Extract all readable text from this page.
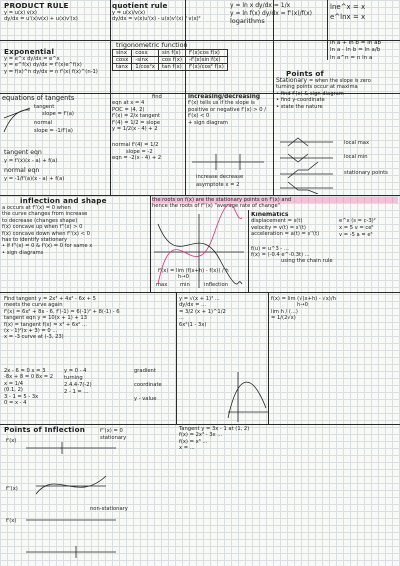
PRODUCT RULE
y = u(x) v(x)
dy/dx = u'(x)v(x) + u(x)v'(x)
quotient rule
y = u(x)/v(x)
dy/dx = v(x)u'(x) - u(x)v'(x) / v(x)²
y = ln x dy/dx = 1/x
y = ln f(x) dy/dx = f'(x)/f(x)
logarithms
lne^x = x
e^lnx = x
Exponential
y = e^x dy/dx = e^x
y = e^f(x) dy/dx = f'(x)e^f(x)
y = f(x)^n dy/dx = n f'(x) f(x)^(n-1)
trigonometric function
sinx	cosx	sin f(x)	f'(x)cos f(x)
cosx	-sinx	cos f(x)	-f'(x)sin f(x)
tanx	1/cos²x	tan f(x)	f'(x)/cos² f(x)
ln a + ln b = ln ab
ln a - ln b = ln a/b
ln a^n = n ln a
Points of
Stationary = when the slope is zero
turning points occur at maxima
• find f'(x) & sign diagram
• find y-coordinate
• state the nature
local max
local min
stationary points
equations of tangents
tangent
slope = f'(a)
normal
slope = -1/f'(a)
tangent eqn
y = f'(x)(x - a) + f(a)
normal eqn
y = -1/f'(a)(x - a) + f(a)
find
eqn at x = 4
POC = (4, 2)
f'(x) = 2/x tangent
f'(4) = 1/2 = slope
y = 1/2(x - 4) + 2
normal f'(4) = 1/2
slope = -2
eqn = -2(x - 4) + 2
increasing/decreasing
f'(x) tells us if the slope is positive or negative f'(x) > 0 / f'(x) < 0
+ sign diagram
increase decrease
asymptote x = 2
inflection and shape
a occurs at f''(x) = 0 when
the curve changes from increase
to decrease (changes shape)
f(x) concave up when f''(x) > 0
f(x) concave down when f''(x) < 0
has to identify stationary
• if f''(x) = 0 & f'(x) = 0 for same x
• sign diagrams
the roots on f(x) are the stationary points on f'(x) and
hence the roots of f''(x) "average rate of change"
max min	inflection
Kinematics
displacement = s(t)
velocity = v(t) = s'(t)
acceleration = a(t) = s''(t)
e^x (s = c-3)²
x = 5 v = ce⁵
v = -5 a = e⁵
f(u) = u^3 - ...
f(x) = (-0.4 e^-0.3t) ...
using the chain rule
f'(x) = lim (f(x+h) - f(x)) / h
h→0
Find tangent y = 2x³ + 4x² - 6x + 5
meets the curve again
f'(x) = 6x² + 8x - 6, f'(-1) = 6(-1)² + 8(-1) - 6
tangent eqn y = 10(x + 1) + 13
f(x) = tangent f(x) = x³ + 6x² ...
(x - 1)²(x + 3) = 0 ...
x = -3 curve at (-3, 23)
2x - 6 = 0 x = 3
-8x + 8 = 0 8x = 2
x = 1/4
(0.1, 2)
3 - 1 = 5 - 3x
0 = x - 4
y = 0 - 4
turning
2.4.4-7(-2)
2 - 1 = ...
gradient
coordinate
y - value
y = √(x + 1)³ ...
dy/dx = ...
= 3/2 (x + 1)^1/2
...
6x²(1 - 3x)
f(x) = lim (√(x+h) - √x)/h
h→0
lim h / (...)
= 1/(2√x)
Points of Inflection	f''(x) = 0
stationary
f'(x)
f''(x)
f'(x)
non-stationary
Tangent y = 3x - 1 at (1, 2)
f(x) = 2x³ - 3x ...
f(x) = x³ ...
x = ...
